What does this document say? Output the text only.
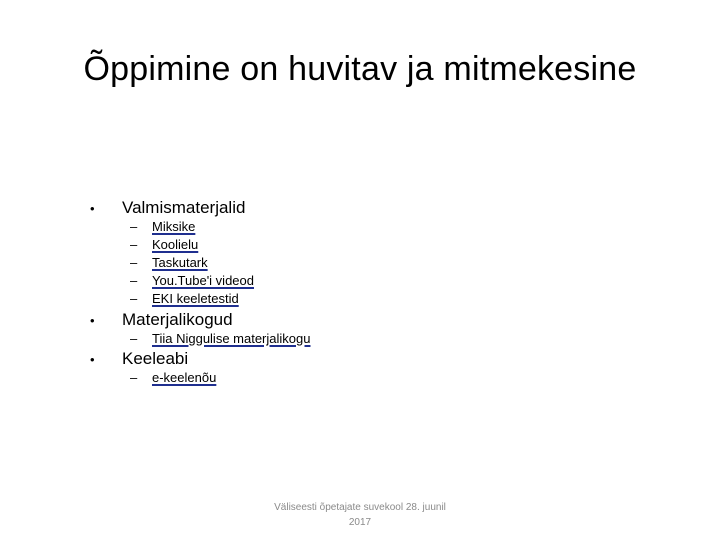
Õppimine on huvitav ja mitmekesine
• Valmismaterjalid
– Miksike
– Koolielu
– Taskutark
– You.Tube'i videod
– EKI keeletestid
• Materjalikogud
– Tiia Niggulise materjalikogu
• Keeleabi
– e-keelenõu
Väliseesti õpetajate suvekool 28. juunil
2017
